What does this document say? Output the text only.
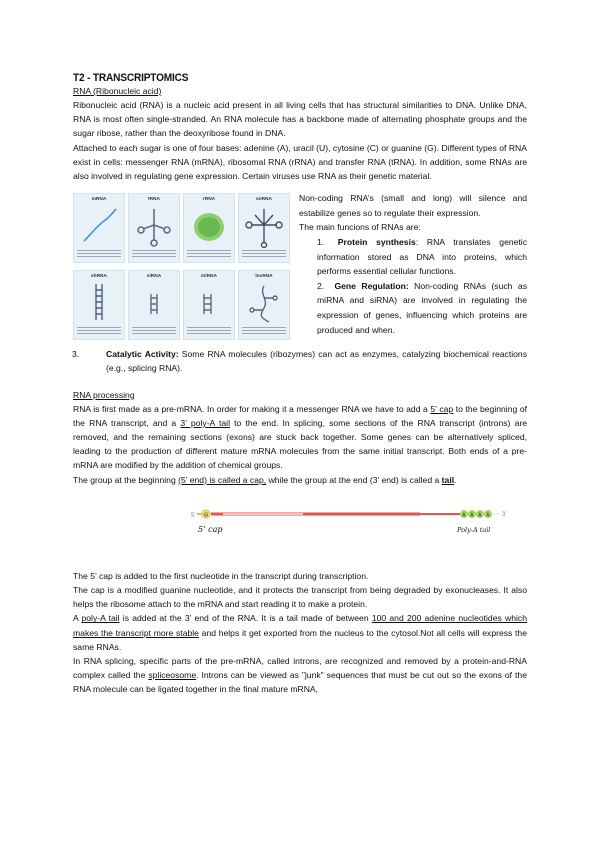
T2 - TRANSCRIPTOMICS
RNA (Ribonucleic acid)

Ribonucleic acid (RNA) is a nucleic acid present in all living cells that has structural similarities to DNA. Unlike DNA, RNA is most often single-stranded. An RNA molecule has a backbone made of alternating phosphate groups and the sugar ribose, rather than the deoxyribose found in DNA.

Attached to each sugar is one of four bases: adenine (A), uracil (U), cytosine (C) or guanine (G). Different types of RNA exist in cells: messenger RNA (mRNA), ribosomal RNA (rRNA) and transfer RNA (tRNA). In addition, some RNAs are also involved in regulating gene expression. Certain viruses use RNA as their genetic material.

mRNA	tRNA	rRNA	snRNA
shRNA	siRNA	miRNA	lncRNA

Non-coding RNA’s (small and long) will silence and estabilize genes so to regulate their expression.

The main funcions of RNAs are:

1. Protein synthesis: RNA translates genetic information stored as DNA into proteins, which performs essential cellular functions.

2. Gene Regulation: Non-coding RNAs (such as miRNA and siRNA) are involved in regulating the expression of genes, influencing which proteins are produced and when.

3.	Catalytic Activity: Some RNA molecules (ribozymes) can act as enzymes, catalyzing biochemical reactions (e.g., splicing RNA).

RNA processing

RNA is first made as a pre-mRNA. In order for making it a messenger RNA we have to add a 5’ cap to the beginning of the RNA transcript, and a 3’ poly-A tail to the end. In splicing, some sections of the RNA transcript (introns) are removed, and the remaining sections (exons) are stuck back together. Some genes can be alternatively spliced, leading to the production of different mature mRNA molecules from the same initial transcript. Both ends of a pre-mRNA are modified by the addition of chemical groups.

The group at the beginning (5’ end) is called a cap, while the group at the end (3’ end) is called a tail.

5’ G	A A A A 3’
5’ cap	Poly-A tail

The 5’ cap is added to the first nucleotide in the transcript during transcription.

The cap is a modified guanine nucleotide, and it protects the transcript from being degraded by exonucleases. It also helps the ribosome attach to the mRNA and start reading it to make a protein.

A poly-A tail is added at the 3’ end of the RNA. It is a tail made of between 100 and 200 adenine nucleotides which makes the transcript more stable and helps it get exported from the nucleus to the cytosol.Not all cells will express the same RNAs.

In RNA splicing, specific parts of the pre-mRNA, called introns, are recognized and removed by a protein-and-RNA complex called the spliceosome. Introns can be viewed as "junk" sequences that must be cut out so the exons of the RNA molecule can be ligated together in the final mature mRNA,
